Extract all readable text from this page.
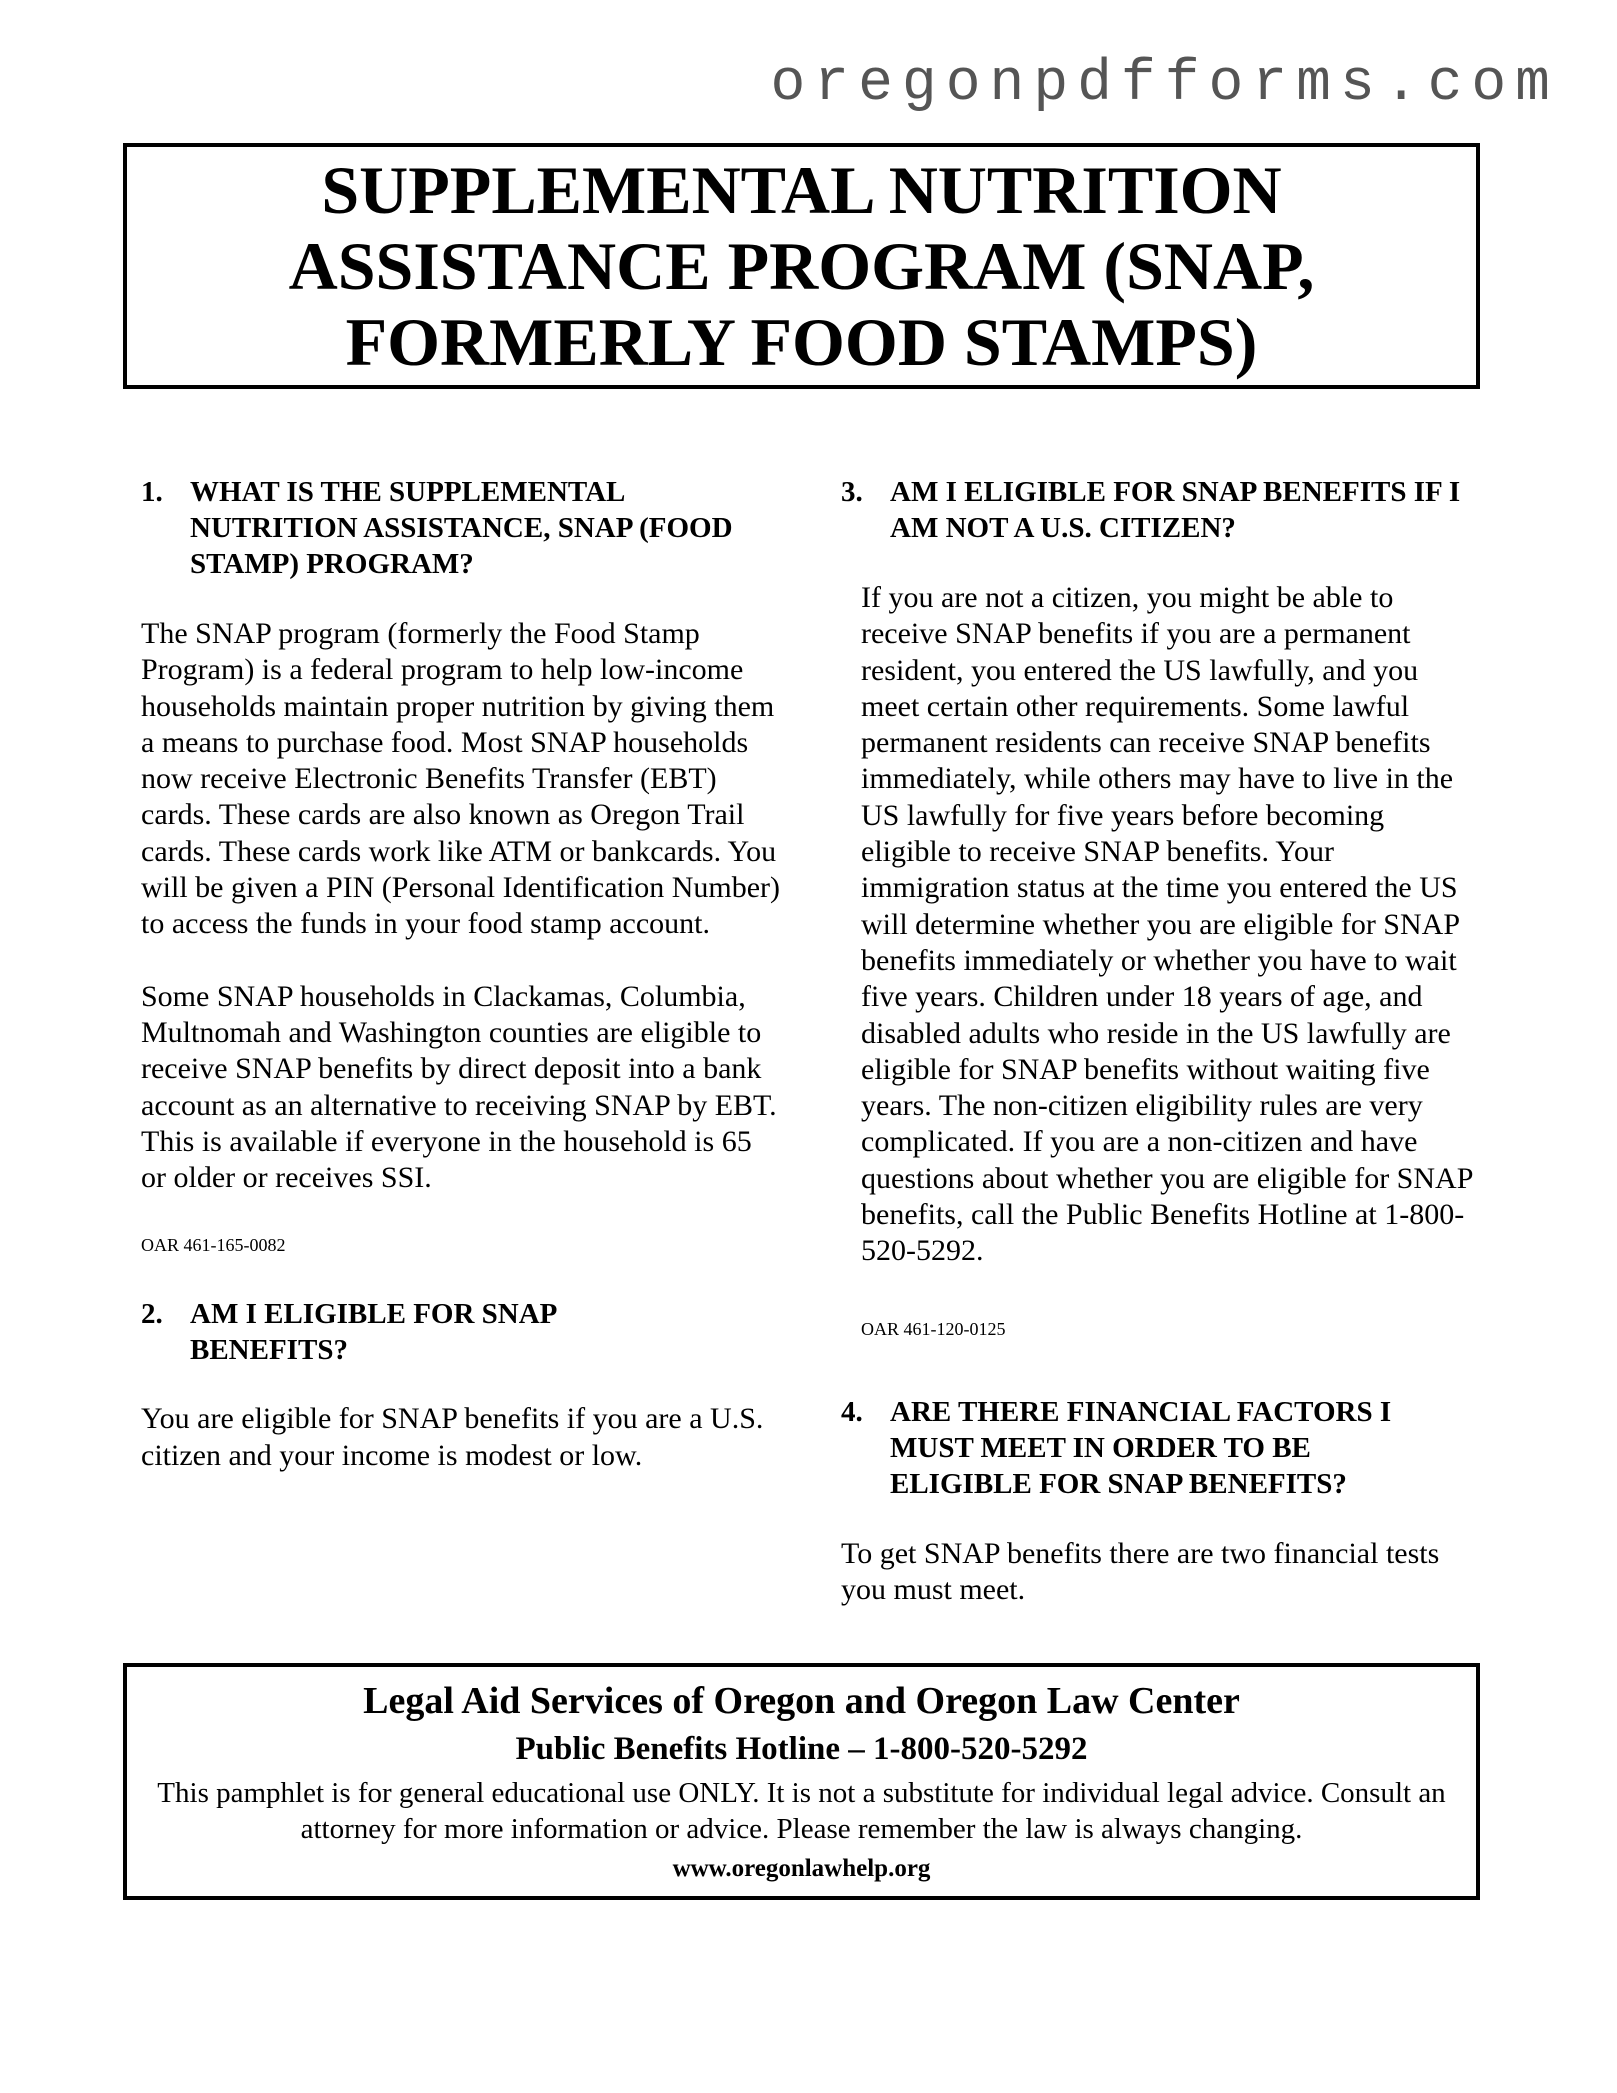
oregonpdfforms.com
SUPPLEMENTAL NUTRITION ASSISTANCE PROGRAM (SNAP, FORMERLY FOOD STAMPS)
1. WHAT IS THE SUPPLEMENTAL NUTRITION ASSISTANCE, SNAP (FOOD STAMP) PROGRAM?

The SNAP program (formerly the Food Stamp Program) is a federal program to help low-income households maintain proper nutrition by giving them a means to purchase food. Most SNAP households now receive Electronic Benefits Transfer (EBT) cards. These cards are also known as Oregon Trail cards. These cards work like ATM or bankcards. You will be given a PIN (Personal Identification Number) to access the funds in your food stamp account.

Some SNAP households in Clackamas, Columbia, Multnomah and Washington counties are eligible to receive SNAP benefits by direct deposit into a bank account as an alternative to receiving SNAP by EBT. This is available if everyone in the household is 65 or older or receives SSI.

OAR 461-165-0082

2. AM I ELIGIBLE FOR SNAP BENEFITS?

You are eligible for SNAP benefits if you are a U.S. citizen and your income is modest or low.

3. AM I ELIGIBLE FOR SNAP BENEFITS IF I AM NOT A U.S. CITIZEN?

If you are not a citizen, you might be able to receive SNAP benefits if you are a permanent resident, you entered the US lawfully, and you meet certain other requirements. Some lawful permanent residents can receive SNAP benefits immediately, while others may have to live in the US lawfully for five years before becoming eligible to receive SNAP benefits. Your immigration status at the time you entered the US will determine whether you are eligible for SNAP benefits immediately or whether you have to wait five years. Children under 18 years of age, and disabled adults who reside in the US lawfully are eligible for SNAP benefits without waiting five years. The non-citizen eligibility rules are very complicated. If you are a non-citizen and have questions about whether you are eligible for SNAP benefits, call the Public Benefits Hotline at 1-800-520-5292.

OAR 461-120-0125

4. ARE THERE FINANCIAL FACTORS I MUST MEET IN ORDER TO BE ELIGIBLE FOR SNAP BENEFITS?

To get SNAP benefits there are two financial tests you must meet.

Legal Aid Services of Oregon and Oregon Law Center
Public Benefits Hotline – 1-800-520-5292
This pamphlet is for general educational use ONLY. It is not a substitute for individual legal advice. Consult an attorney for more information or advice. Please remember the law is always changing.
www.oregonlawhelp.org
